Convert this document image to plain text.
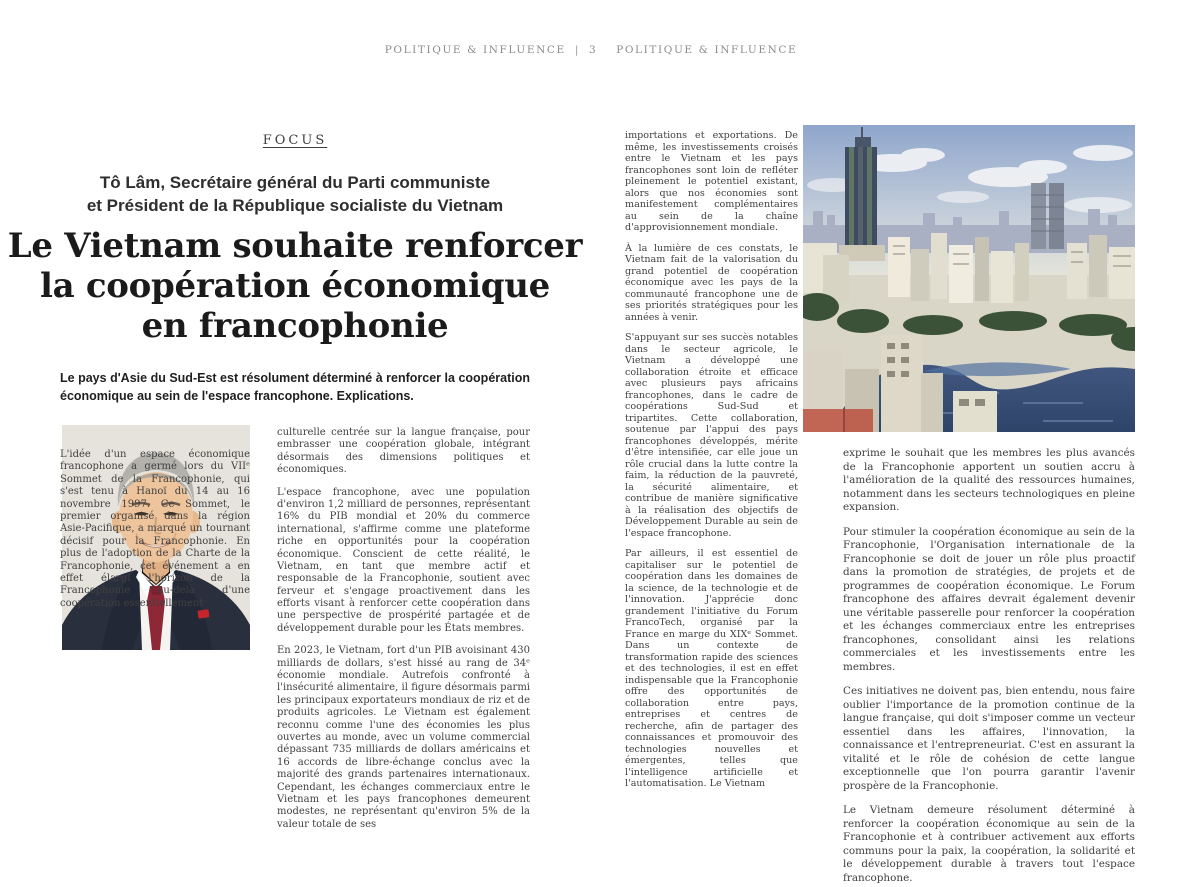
POLITIQUE & INFLUENCE | 3 POLITIQUE & INFLUENCE
FOCUS
Tô Lâm, Secrétaire général du Parti communiste
et Président de la République socialiste du Vietnam
Le Vietnam souhaite renforcer
la coopération économique
en francophonie
Le pays d'Asie du Sud-Est est résolument déterminé à renforcer la coopération économique au sein de l'espace francophone. Explications.

L'idée d'un espace économique francophone a germé lors du VIIᵉ Sommet de la Francophonie, qui s'est tenu à Hanoï du 14 au 16 novembre 1997. Ce Sommet, le premier organisé dans la région Asie-Pacifique, a marqué un tournant décisif pour la Francophonie. En plus de l'adoption de la Charte de la Francophonie, cet événement a en effet élargi l'horizon de la Francophonie au-delà d'une coopération essentiellement

culturelle centrée sur la langue française, pour embrasser une coopération globale, intégrant désormais des dimensions politiques et économiques.

L'espace francophone, avec une population d'environ 1,2 milliard de personnes, représentant 16% du PIB mondial et 20% du commerce international, s'affirme comme une plateforme riche en opportunités pour la coopération économique. Conscient de cette réalité, le Vietnam, en tant que membre actif et responsable de la Francophonie, soutient avec ferveur et s'engage proactivement dans les efforts visant à renforcer cette coopération dans une perspective de prospérité partagée et de développement durable pour les États membres.

En 2023, le Vietnam, fort d'un PIB avoisinant 430 milliards de dollars, s'est hissé au rang de 34ᵉ économie mondiale. Autrefois confronté à l'insécurité alimentaire, il figure désormais parmi les principaux exportateurs mondiaux de riz et de produits agricoles. Le Vietnam est également reconnu comme l'une des économies les plus ouvertes au monde, avec un volume commercial dépassant 735 milliards de dollars américains et 16 accords de libre-échange conclus avec la majorité des grands partenaires internationaux. Cependant, les échanges commerciaux entre le Vietnam et les pays francophones demeurent modestes, ne représentant qu'environ 5% de la valeur totale de ses

importations et exportations. De même, les investissements croisés entre le Vietnam et les pays francophones sont loin de refléter pleinement le potentiel existant, alors que nos économies sont manifestement complémentaires au sein de la chaîne d'approvisionnement mondiale.

À la lumière de ces constats, le Vietnam fait de la valorisation du grand potentiel de coopération économique avec les pays de la communauté francophone une de ses priorités stratégiques pour les années à venir.

S'appuyant sur ses succès notables dans le secteur agricole, le Vietnam a développé une collaboration étroite et efficace avec plusieurs pays africains francophones, dans le cadre de coopérations Sud-Sud et tripartites. Cette collaboration, soutenue par l'appui des pays francophones développés, mérite d'être intensifiée, car elle joue un rôle crucial dans la lutte contre la faim, la réduction de la pauvreté, la sécurité alimentaire, et contribue de manière significative à la réalisation des objectifs de Développement Durable au sein de l'espace francophone.

Par ailleurs, il est essentiel de capitaliser sur le potentiel de coopération dans les domaines de la science, de la technologie et de l'innovation. J'apprécie donc grandement l'initiative du Forum FrancoTech, organisé par la France en marge du XIXᵉ Sommet. Dans un contexte de transformation rapide des sciences et des technologies, il est en effet indispensable que la Francophonie offre des opportunités de collaboration entre pays, entreprises et centres de recherche, afin de partager des connaissances et promouvoir des technologies nouvelles et émergentes, telles que l'intelligence artificielle et l'automatisation. Le Vietnam

exprime le souhait que les membres les plus avancés de la Francophonie apportent un soutien accru à l'amélioration de la qualité des ressources humaines, notamment dans les secteurs technologiques en pleine expansion.

Pour stimuler la coopération économique au sein de la Francophonie, l'Organisation internationale de la Francophonie se doit de jouer un rôle plus proactif dans la promotion de stratégies, de projets et de programmes de coopération économique. Le Forum francophone des affaires devrait également devenir une véritable passerelle pour renforcer la coopération et les échanges commerciaux entre les entreprises francophones, consolidant ainsi les relations commerciales et les investissements entre les membres.

Ces initiatives ne doivent pas, bien entendu, nous faire oublier l'importance de la promotion continue de la langue française, qui doit s'imposer comme un vecteur essentiel dans les affaires, l'innovation, la connaissance et l'entrepreneuriat. C'est en assurant la vitalité et le rôle de cohésion de cette langue exceptionnelle que l'on pourra garantir l'avenir prospère de la Francophonie.

Le Vietnam demeure résolument déterminé à renforcer la coopération économique au sein de la Francophonie et à contribuer activement aux efforts communs pour la paix, la coopération, la solidarité et le développement durable à travers tout l'espace francophone.
